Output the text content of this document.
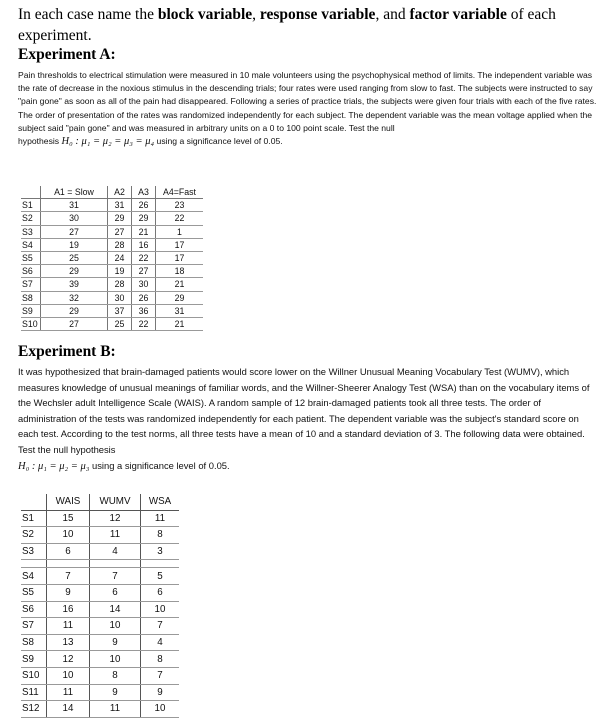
In each case name the block variable, response variable, and factor variable of each experiment.
Experiment A:
Pain thresholds to electrical stimulation were measured in 10 male volunteers using the psychophysical method of limits. The independent variable was the rate of decrease in the noxious stimulus in the descending trials; four rates were used ranging from slow to fast. The subjects were instructed to say "pain gone" as soon as all of the pain had disappeared. Following a series of practice trials, the subjects were given four trials with each of the five rates. The order of presentation of the rates was randomized independently for each subject. The dependent variable was the mean voltage applied when the subject said "pain gone" and was measured in arbitrary units on a 0 to 100 point scale. Test the null
hypothesis H₀ : μ₁ = μ₂ = μ₃ = μ₄ using a significance level of 0.05.
	A1 = Slow	A2	A3	A4=Fast
S1	31	31	26	23
S2	30	29	29	22
S3	27	27	21	1
S4	19	28	16	17
S5	25	24	22	17
S6	29	19	27	18
S7	39	28	30	21
S8	32	30	26	29
S9	29	37	36	31
S10	27	25	22	21
Experiment B:
It was hypothesized that brain-damaged patients would score lower on the Willner Unusual Meaning Vocabulary Test (WUMV), which measures knowledge of unusual meanings of familiar words, and the Willner-Sheerer Analogy Test (WSA) than on the vocabulary items of the Wechsler adult Intelligence Scale (WAIS). A random sample of 12 brain-damaged patients took all three tests. The order of administration of the tests was randomized independently for each patient. The dependent variable was the subject's standard score on each test. According to the test norms, all three tests have a mean of 10 and a standard deviation of 3. The following data were obtained. Test the null hypothesis
H₀ : μ₁ = μ₂ = μ₃ using a significance level of 0.05.
	WAIS	WUMV	WSA
S1	15	12	11
S2	10	11	8
S3	6	4	3

S4	7	7	5
S5	9	6	6
S6	16	14	10
S7	11	10	7
S8	13	9	4
S9	12	10	8
S10	10	8	7
S11	11	9	9
S12	14	11	10
